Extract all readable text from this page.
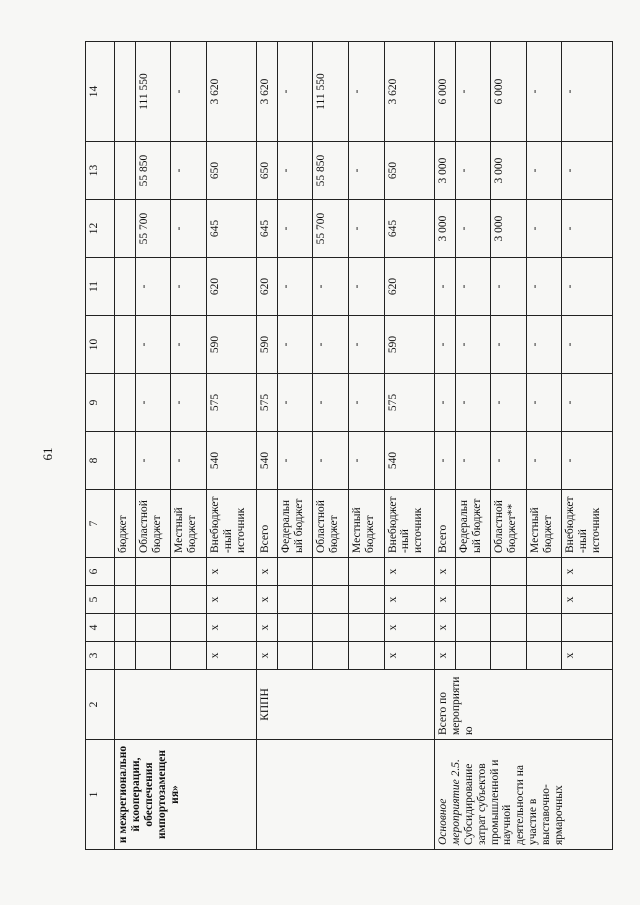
61
1	2	3	4	5	6	7	8	9	10	11	12	13	14
и межрегионально й кооперации, обеспечения импортозамещен ия»						бюджет							
						Областной бюджет	-	-	-	-	55 700	55 850	111 550
						Местный бюджет	-	-	-	-	-	-	-
		x	x	x	x	Внебюджет-ный источник	540	575	590	620	645	650	3 620
	КППН	x	x	x	x	Всего	540	575	590	620	645	650	3 620
						Федеральный бюджет	-	-	-	-	-	-	-
						Областной бюджет	-	-	-	-	55 700	55 850	111 550
						Местный бюджет	-	-	-	-	-	-	-
		x	x	x	x	Внебюджет-ный источник	540	575	590	620	645	650	3 620
Основное мероприятие 2.5. Субсидирование затрат субъектов промышленной и научной деятельности на участие в выставочно-ярмарочных	Всего по мероприятию	x	x	x	x	Всего	-	-	-	-	3 000	3 000	6 000
						Федеральный бюджет	-	-	-	-	-	-	-
						Областной бюджет**	-	-	-	-	3 000	3 000	6 000
						Местный бюджет	-	-	-	-	-	-	-
		x		x	x	Внебюджет-ный источник	-	-	-	-	-	-	-
